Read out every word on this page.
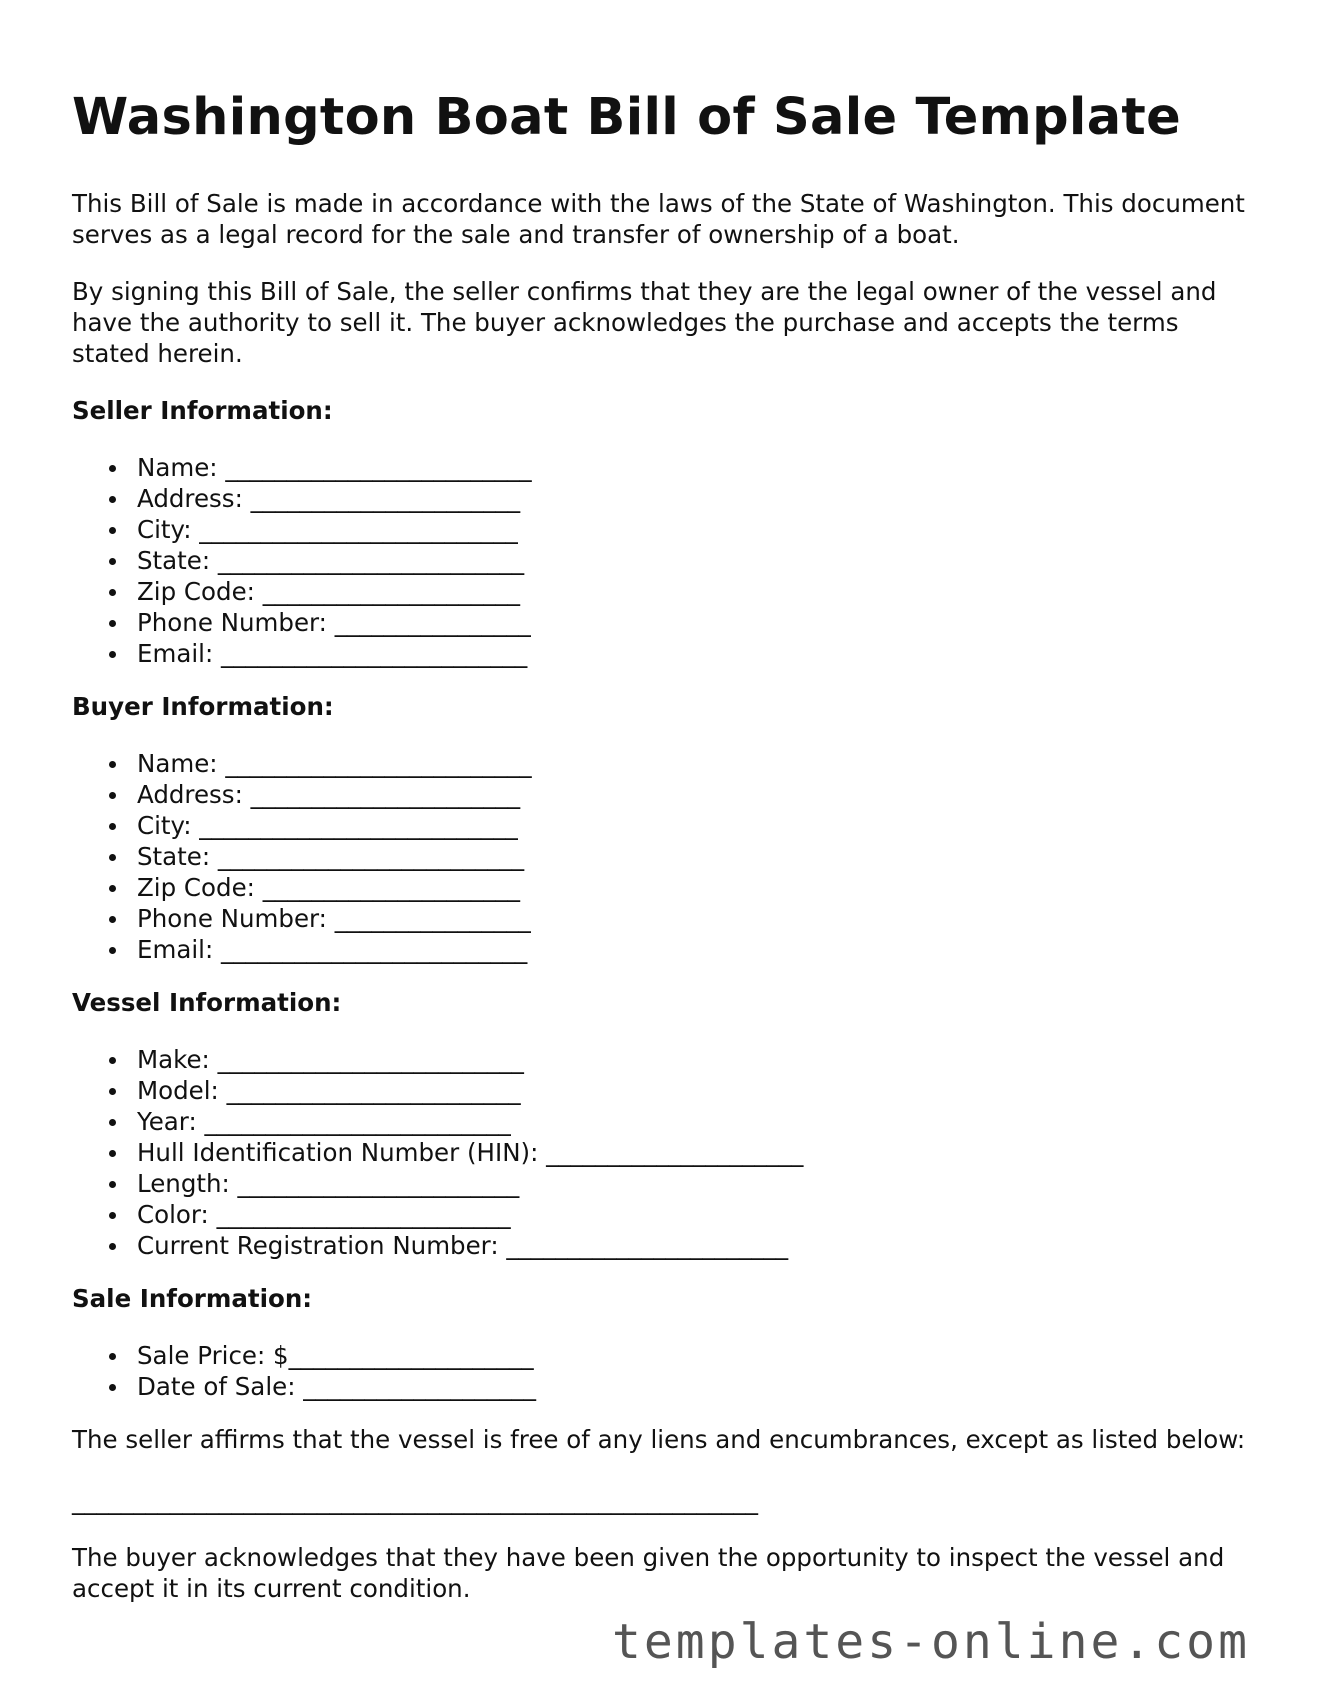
Washington Boat Bill of Sale Template

This Bill of Sale is made in accordance with the laws of the State of Washington. This document serves as a legal record for the sale and transfer of ownership of a boat.

By signing this Bill of Sale, the seller confirms that they are the legal owner of the vessel and have the authority to sell it. The buyer acknowledges the purchase and accepts the terms stated herein.

Seller Information:
Name: _________________________
Address: ______________________
City: __________________________
State: _________________________
Zip Code: _____________________
Phone Number: ________________
Email: _________________________
Buyer Information:
Name: _________________________
Address: ______________________
City: __________________________
State: _________________________
Zip Code: _____________________
Phone Number: ________________
Email: _________________________
Vessel Information:
Make: _________________________
Model: ________________________
Year: _________________________
Hull Identification Number (HIN): _____________________
Length: _______________________
Color: ________________________
Current Registration Number: _______________________
Sale Information:
Sale Price: $____________________
Date of Sale: ___________________

The seller affirms that the vessel is free of any liens and encumbrances, except as listed below:

________________________________________________________

The buyer acknowledges that they have been given the opportunity to inspect the vessel and accept it in its current condition.

templates-online.com
